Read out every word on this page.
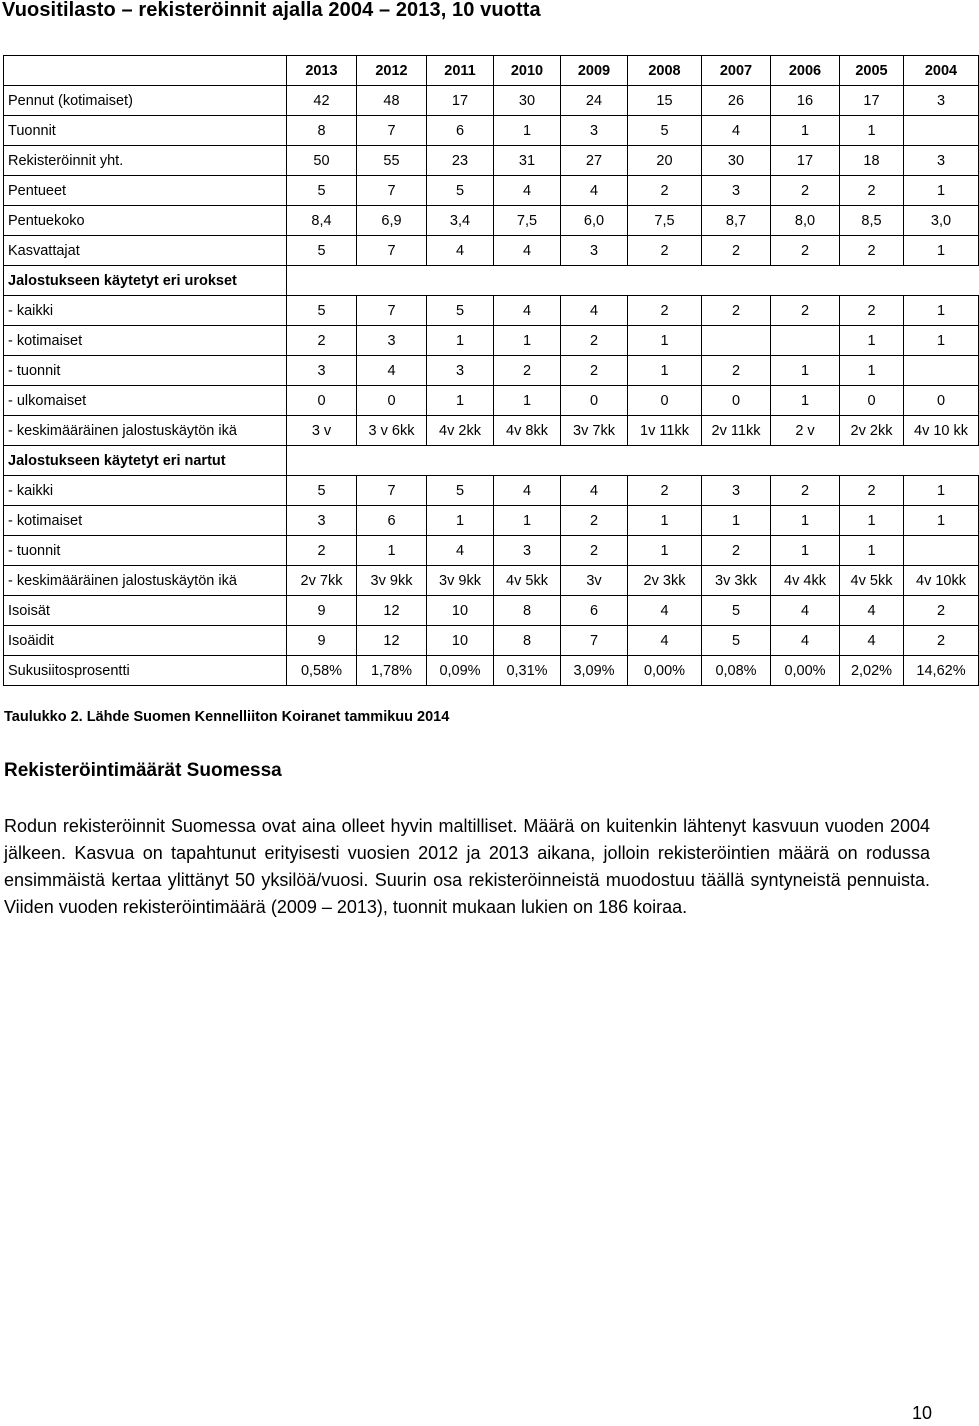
Vuositilasto – rekisteröinnit ajalla 2004 – 2013, 10 vuotta
	2013	2012	2011	2010	2009	2008	2007	2006	2005	2004
Pennut (kotimaiset)	42	48	17	30	24	15	26	16	17	3
Tuonnit	8	7	6	1	3	5	4	1	1	
Rekisteröinnit yht.	50	55	23	31	27	20	30	17	18	3
Pentueet	5	7	5	4	4	2	3	2	2	1
Pentuekoko	8,4	6,9	3,4	7,5	6,0	7,5	8,7	8,0	8,5	3,0
Kasvattajat	5	7	4	4	3	2	2	2	2	1
Jalostukseen käytetyt eri urokset										
- kaikki	5	7	5	4	4	2	2	2	2	1
- kotimaiset	2	3	1	1	2	1			1	1
- tuonnit	3	4	3	2	2	1	2	1	1	
- ulkomaiset	0	0	1	1	0	0	0	1	0	0
- keskimääräinen jalostuskäytön ikä	3 v	3 v 6kk	4v 2kk	4v 8kk	3v 7kk	1v 11kk	2v 11kk	2 v	2v 2kk	4v 10 kk
Jalostukseen käytetyt eri nartut										
- kaikki	5	7	5	4	4	2	3	2	2	1
- kotimaiset	3	6	1	1	2	1	1	1	1	1
- tuonnit	2	1	4	3	2	1	2	1	1	
- keskimääräinen jalostuskäytön ikä	2v 7kk	3v 9kk	3v 9kk	4v 5kk	3v	2v 3kk	3v 3kk	4v 4kk	4v 5kk	4v 10kk
Isoisät	9	12	10	8	6	4	5	4	4	2
Isoäidit	9	12	10	8	7	4	5	4	4	2
Sukusiitosprosentti	0,58%	1,78%	0,09%	0,31%	3,09%	0,00%	0,08%	0,00%	2,02%	14,62%
Taulukko 2. Lähde Suomen Kennelliiton Koiranet tammikuu 2014
Rekisteröintimäärät Suomessa

Rodun rekisteröinnit Suomessa ovat aina olleet hyvin maltilliset. Määrä on kuitenkin lähtenyt kasvuun vuoden 2004 jälkeen. Kasvua on tapahtunut erityisesti vuosien 2012 ja 2013 aikana, jolloin rekisteröintien määrä on rodussa ensimmäistä kertaa ylittänyt 50 yksilöä/vuosi. Suurin osa rekisteröinneistä muodostuu täällä syntyneistä pennuista. Viiden vuoden rekisteröintimäärä (2009 – 2013), tuonnit mukaan lukien on 186 koiraa.

10
